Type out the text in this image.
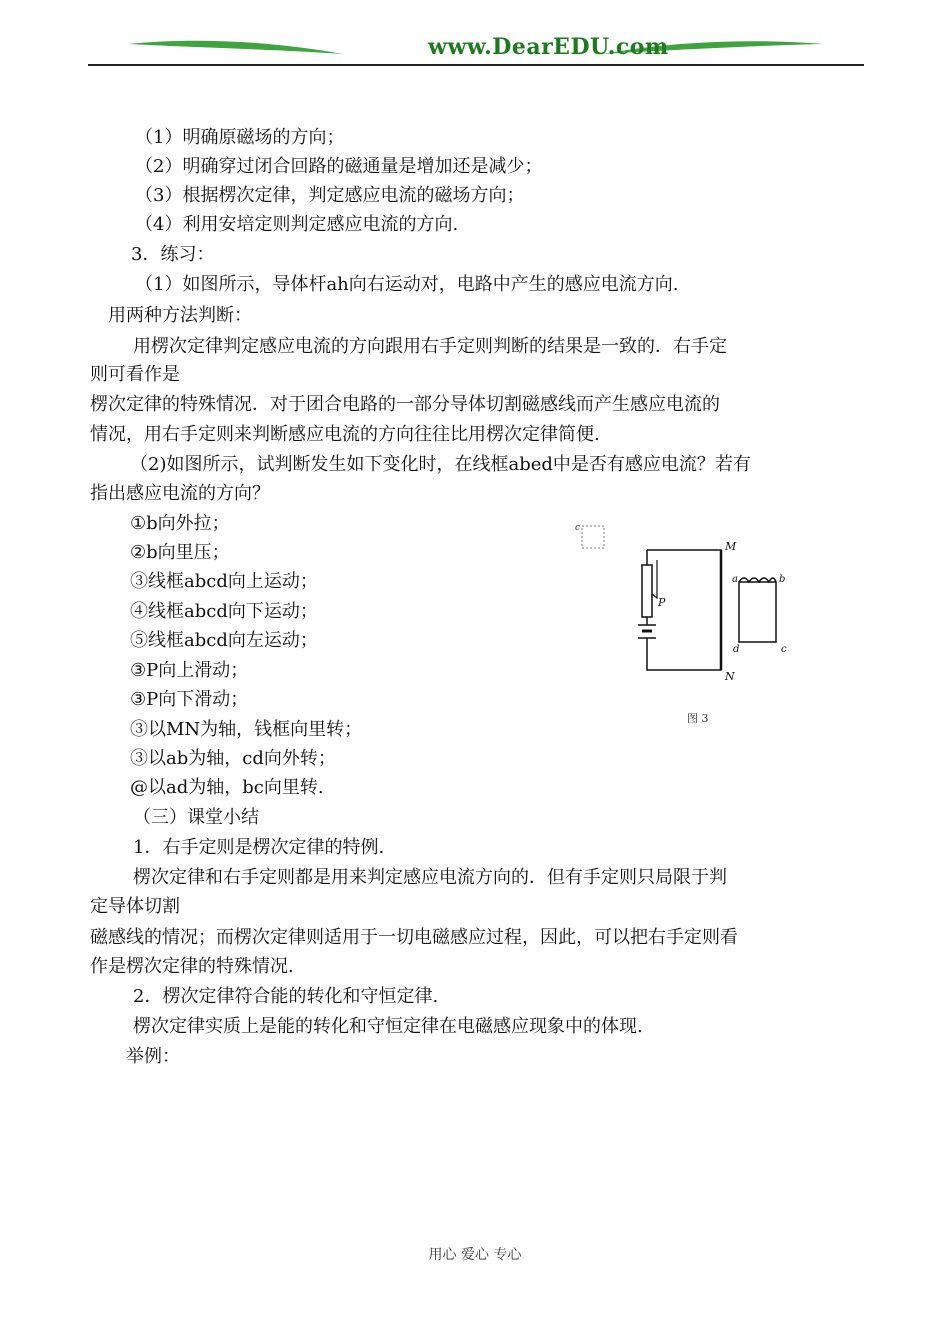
www.DearEDU.com
（1）明确原磁场的方向；
（2）明确穿过闭合回路的磁通量是增加还是减少；
（3）根据楞次定律，判定感应电流的磁场方向；
（4）利用安培定则判定感应电流的方向.
3．练习：
（1）如图所示，导体杆ah向右运动对，电路中产生的感应电流方向.
用两种方法判断：
用楞次定律判定感应电流的方向跟用右手定则判断的结果是一致的．右手定
则可看作是
楞次定律的特殊情况．对于团合电路的一部分导体切割磁感线而产生感应电流的
情况，用右手定则来判断感应电流的方向往往比用楞次定律简便.
（2)如图所示，试判断发生如下变化时，在线框abed中是否有感应电流？若有
指出感应电流的方向？
①b向外拉；
②b向里压；
③线框abcd向上运动；
④线框abcd向下运动；
⑤线框abcd向左运动；
③P向上滑动；
③P向下滑动；
③以MN为轴，钱框向里转；
③以ab为轴，cd向外转；
@以ad为轴，bc向里转.
（三）课堂小结
1．右手定则是楞次定律的特例.
楞次定律和右手定则都是用来判定感应电流方向的．但有手定则只局限于判
定导体切割
磁感线的情况；而楞次定律则适用于一切电磁感应过程，因此，可以把右手定则看
作是楞次定律的特殊情况.
2．楞次定律符合能的转化和守恒定律.
楞次定律实质上是能的转化和守恒定律在电磁感应现象中的体现.
举例：
c
P
M
N
a	b
d	c
图 3
用心 爱心 专心
